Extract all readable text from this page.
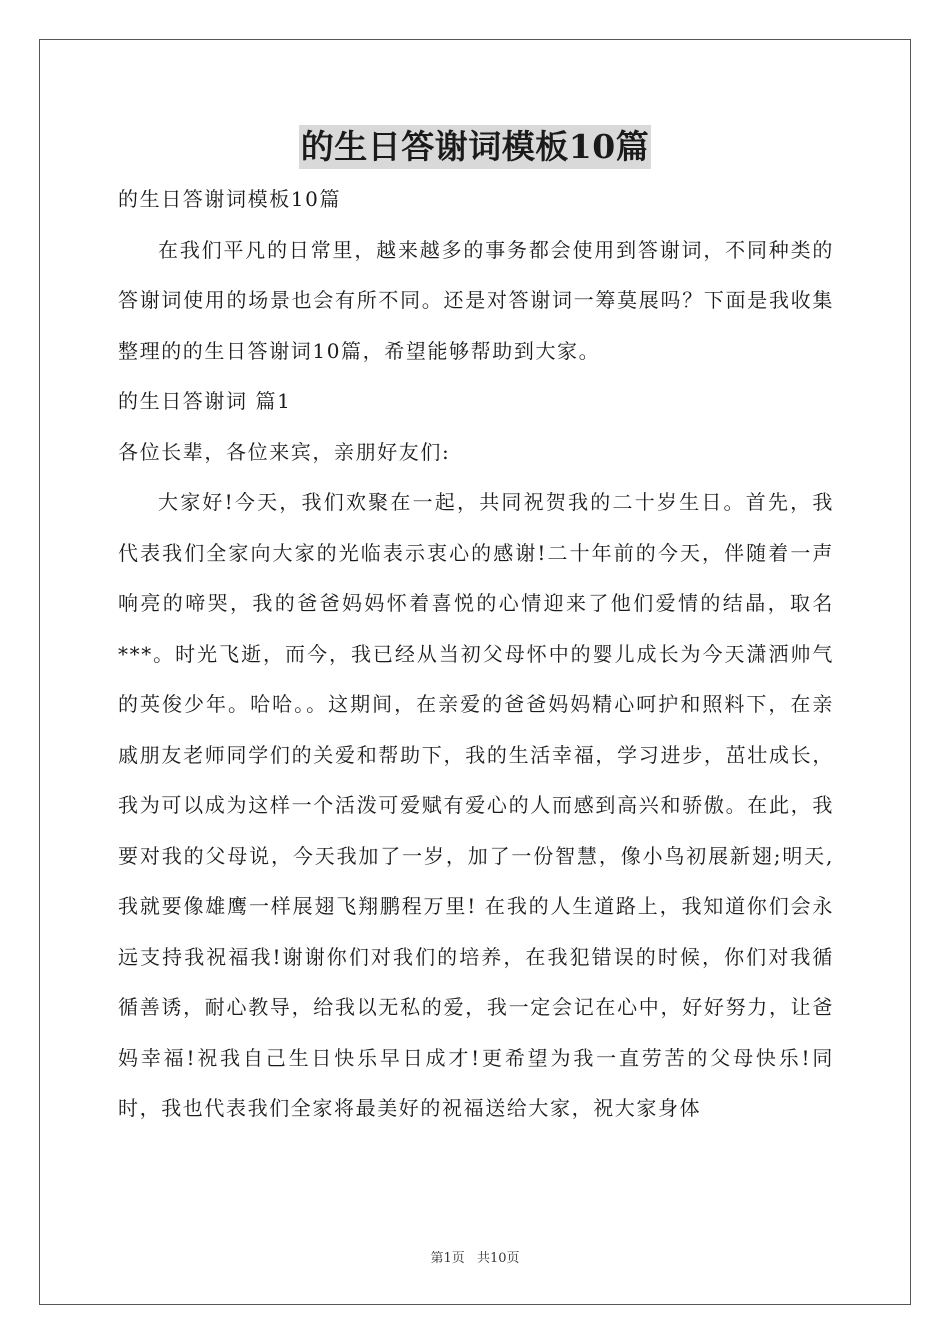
的生日答谢词模板10篇

的生日答谢词模板10篇

在我们平凡的日常里，越来越多的事务都会使用到答谢词，不同种类的答谢词使用的场景也会有所不同。还是对答谢词一筹莫展吗？下面是我收集整理的的生日答谢词10篇，希望能够帮助到大家。

的生日答谢词 篇1

各位长辈，各位来宾，亲朋好友们:

大家好!今天，我们欢聚在一起，共同祝贺我的二十岁生日。首先，我代表我们全家向大家的光临表示衷心的感谢!二十年前的今天，伴随着一声响亮的啼哭，我的爸爸妈妈怀着喜悦的心情迎来了他们爱情的结晶，取名***。时光飞逝，而今，我已经从当初父母怀中的婴儿成长为今天潇洒帅气的英俊少年。哈哈。。这期间，在亲爱的爸爸妈妈精心呵护和照料下，在亲戚朋友老师同学们的关爱和帮助下，我的生活幸福，学习进步，茁壮成长，我为可以成为这样一个活泼可爱赋有爱心的人而感到高兴和骄傲。在此，我要对我的父母说，今天我加了一岁，加了一份智慧，像小鸟初展新翅;明天,我就要像雄鹰一样展翅飞翔鹏程万里! 在我的人生道路上，我知道你们会永远支持我祝福我!谢谢你们对我们的培养，在我犯错误的时候，你们对我循循善诱，耐心教导，给我以无私的爱，我一定会记在心中，好好努力，让爸妈幸福!祝我自己生日快乐早日成才!更希望为我一直劳苦的父母快乐!同时，我也代表我们全家将最美好的祝福送给大家，祝大家身体

第1页 共10页
